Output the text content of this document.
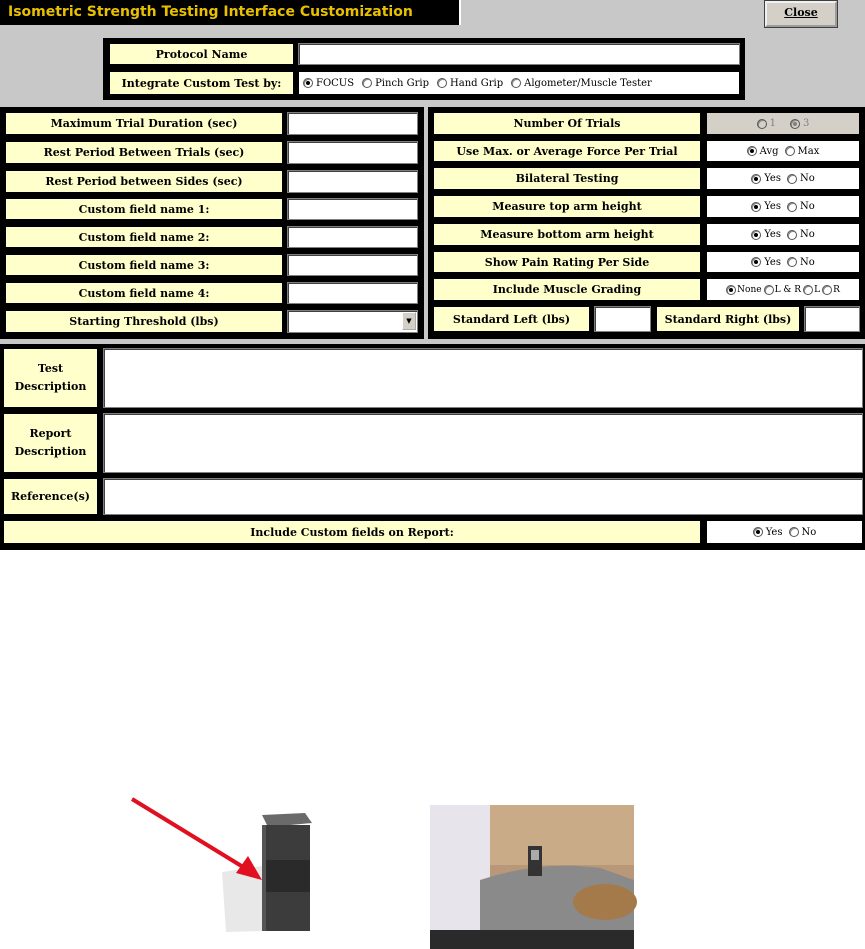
Isometric Strength Testing Interface Customization	Close
Protocol Name
Integrate Custom Test by:	FOCUS Pinch Grip Hand Grip Algometer/Muscle Tester
Maximum Trial Duration (sec)
Rest Period Between Trials (sec)
Rest Period between Sides (sec)
Custom field name 1:
Custom field name 2:
Custom field name 3:
Custom field name 4:
Starting Threshold (lbs)	▼
Number Of Trials	1	3
Use Max. or Average Force Per Trial	Avg Max
Bilateral Testing	Yes No
Measure top arm height	Yes No
Measure bottom arm height	Yes No
Show Pain Rating Per Side	Yes No
Include Muscle Grading	None L & R L R
Standard Left (lbs)	Standard Right (lbs)
Test Description
Report Description
Reference(s)
Include Custom fields on Report:	Yes No
